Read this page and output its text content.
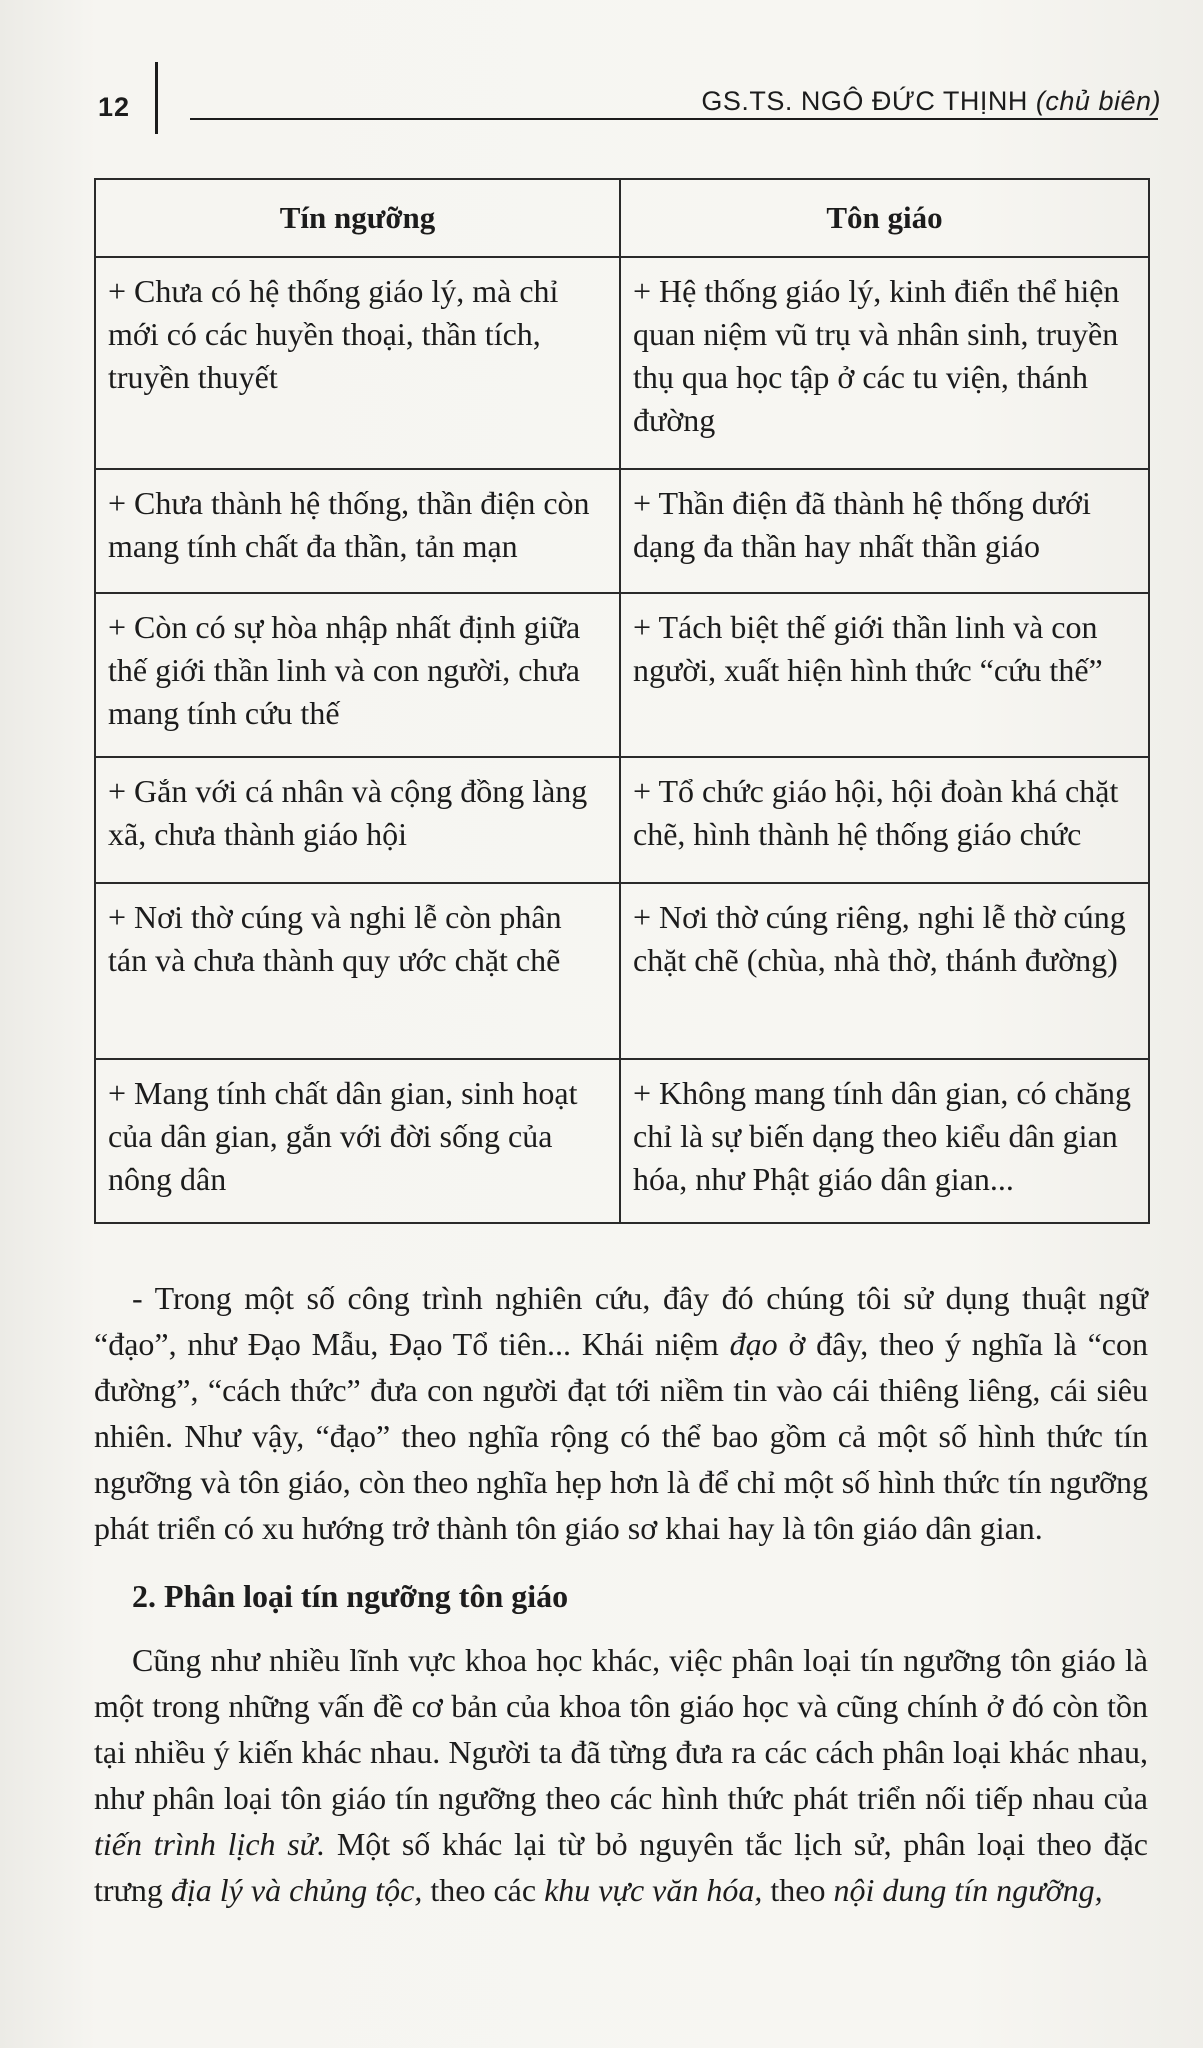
12	GS.TS. NGÔ ĐỨC THỊNH (chủ biên)
Tín ngưỡng	Tôn giáo
+ Chưa có hệ thống giáo lý, mà chỉ mới có các huyền thoại, thần tích, truyền thuyết	+ Hệ thống giáo lý, kinh điển thể hiện quan niệm vũ trụ và nhân sinh, truyền thụ qua học tập ở các tu viện, thánh đường
+ Chưa thành hệ thống, thần điện còn mang tính chất đa thần, tản mạn	+ Thần điện đã thành hệ thống dưới dạng đa thần hay nhất thần giáo
+ Còn có sự hòa nhập nhất định giữa thế giới thần linh và con người, chưa mang tính cứu thế	+ Tách biệt thế giới thần linh và con người, xuất hiện hình thức “cứu thế”
+ Gắn với cá nhân và cộng đồng làng xã, chưa thành giáo hội	+ Tổ chức giáo hội, hội đoàn khá chặt chẽ, hình thành hệ thống giáo chức
+ Nơi thờ cúng và nghi lễ còn phân tán và chưa thành quy ước chặt chẽ	+ Nơi thờ cúng riêng, nghi lễ thờ cúng chặt chẽ (chùa, nhà thờ, thánh đường)
+ Mang tính chất dân gian, sinh hoạt của dân gian, gắn với đời sống của nông dân	+ Không mang tính dân gian, có chăng chỉ là sự biến dạng theo kiểu dân gian hóa, như Phật giáo dân gian...

- Trong một số công trình nghiên cứu, đây đó chúng tôi sử dụng thuật ngữ “đạo”, như Đạo Mẫu, Đạo Tổ tiên... Khái niệm đạo ở đây, theo ý nghĩa là “con đường”, “cách thức” đưa con người đạt tới niềm tin vào cái thiêng liêng, cái siêu nhiên. Như vậy, “đạo” theo nghĩa rộng có thể bao gồm cả một số hình thức tín ngưỡng và tôn giáo, còn theo nghĩa hẹp hơn là để chỉ một số hình thức tín ngưỡng phát triển có xu hướng trở thành tôn giáo sơ khai hay là tôn giáo dân gian.

2. Phân loại tín ngưỡng tôn giáo

Cũng như nhiều lĩnh vực khoa học khác, việc phân loại tín ngưỡng tôn giáo là một trong những vấn đề cơ bản của khoa tôn giáo học và cũng chính ở đó còn tồn tại nhiều ý kiến khác nhau. Người ta đã từng đưa ra các cách phân loại khác nhau, như phân loại tôn giáo tín ngưỡng theo các hình thức phát triển nối tiếp nhau của tiến trình lịch sử. Một số khác lại từ bỏ nguyên tắc lịch sử, phân loại theo đặc trưng địa lý và chủng tộc, theo các khu vực văn hóa, theo nội dung tín ngưỡng,
